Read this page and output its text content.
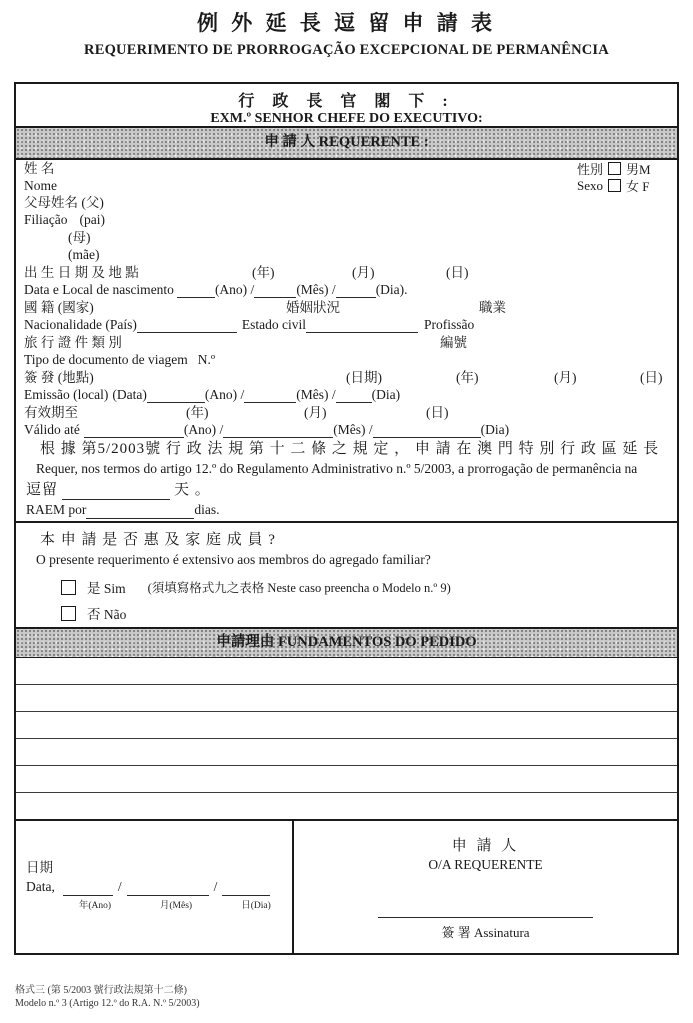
例 外 延 長 逗 留 申 請 表
REQUERIMENTO DE PRORROGAÇÃO EXCEPCIONAL DE PERMANÊNCIA
行 政 長 官 閣 下 :
EXM.º SENHOR CHEFE DO EXECUTIVO:
申 請 人 REQUERENTE :
姓 名
Nome
性別 男M
Sexo 女 F
父母姓名 (父)
Filiação (pai)
(母)
(mãe)
出 生 日 期 及 地 點	(年)	(月)	(日)
Data e Local de nascimento	(Ano) /	(Mês) /	(Dia).
國 籍 (國家)	婚姻狀況	職業
Nacionalidade (País)	Estado civil	Profissão
旅 行 證 件 類 別	編號
Tipo de documento de viagem N.º
簽 發 (地點)	(日期)	(年)	(月)	(日)
Emissão (local) (Data)	(Ano) /	(Mês) /	(Dia)
有效期至	(年)	(月)	(日)
Válido até	(Ano) /	(Mês) /	(Dia)
根 據 第5/2003號 行 政 法 規 第 十 二 條 之 規 定 ， 申 請 在 澳 門 特 別 行 政 區 延 長
Requer, nos termos do artigo 12.º do Regulamento Administrativo n.º 5/2003, a prorrogação de permanência na
逗留	天 。
RAEM por	dias.
本 申 請 是 否 惠 及 家 庭 成 員 ?
O presente requerimento é extensivo aos membros do agregado familiar?
是 Sim (須填寫格式九之表格 Neste caso preencha o Modelo n.º 9)
否 Não
申請理由 FUNDAMENTOS DO PEDIDO
日期
Data,	/	/
年(Ano)	月(Mês)	日(Dia)
申 請 人
O/A REQUERENTE
簽 署 Assinatura
格式三 (第 5/2003 號行政法規第十二條)
Modelo n.º 3 (Artigo 12.º do R.A. N.º 5/2003)
